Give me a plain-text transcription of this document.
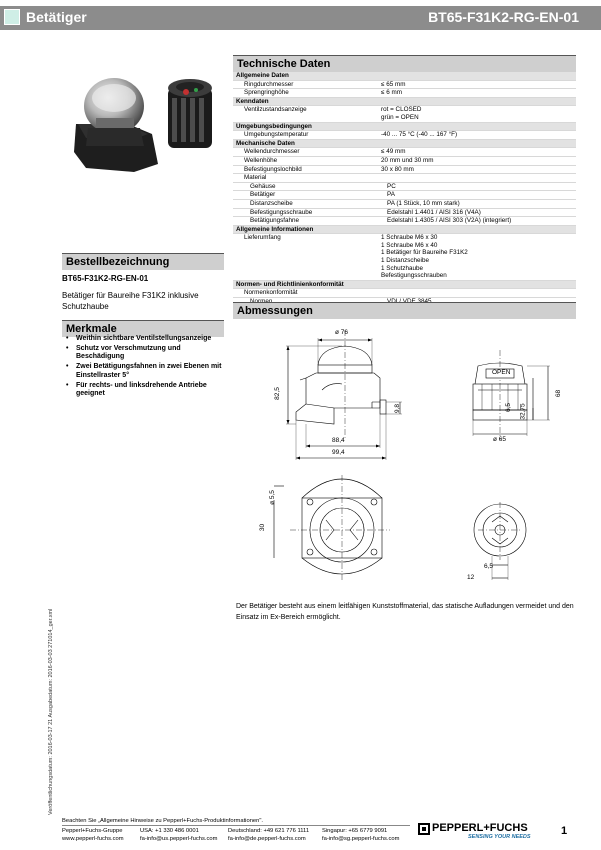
Betätiger	BT65-F31K2-RG-EN-01
Technische Daten
Allgemeine Daten
Ringdurchmesser	≤ 65 mm
Sprengringhöhe	≤ 6 mm
Kenndaten
Ventilzustandsanzeige	rot = CLOSED
grün = OPEN
Umgebungsbedingungen
Umgebungstemperatur	-40 ... 75 °C (-40 ... 167 °F)
Mechanische Daten
Wellendurchmesser	≤ 49 mm
Wellenhöhe	20 mm und 30 mm
Befestigungslochbild	30 x 80 mm
Material
Gehäuse	PC
Betätiger	PA
Distanzscheibe	PA (1 Stück, 10 mm stark)
Befestigungsschraube	Edelstahl 1.4401 / AISI 316 (V4A)
Betätigungsfahne	Edelstahl 1.4305 / AISI 303 (V2A) (integriert)
Allgemeine Informationen
Lieferumfang	1 Schraube M6 x 30
1 Schraube M6 x 40
1 Betätiger für Baureihe F31K2
1 Distanzscheibe
1 Schutzhaube
Befestigungsschrauben
Normen- und Richtlinienkonformität
Normenkonformität
Bestellbezeichnung
BT65-F31K2-RG-EN-01
Betätiger für Baureihe F31K2 inklusive Schutzhaube
Merkmale
• Weithin sichtbare Ventilstellungsanzeige
• Schutz vor Verschmutzung und Beschädigung
• Zwei Betätigungsfahnen in zwei Ebenen mit Einstellraster 5°
• Für rechts- und linksdrehende Antriebe geeignet
Abmessungen
ø 76
82,5
88,4
99,4
9,8
OPEN
6,5 32,75
68
ø 65
ø 5,5
30
6,5
12
Der Betätiger besteht aus einem leitfähigen Kunststoffmaterial, das statische Aufladungen vermeidet und den Einsatz im Ex-Bereich ermöglicht.
Veröffentlichungsdatum: 2016-03-17 21 Ausgabedatum: 2016-03-03 271014_ger.xml
Beachten Sie „Allgemeine Hinweise zu Pepperl+Fuchs-Produktinformationen".
Pepperl+Fuchs-Gruppe
www.pepperl-fuchs.com
USA: +1 330 486 0001
fa-info@us.pepperl-fuchs.com
Deutschland: +49 621 776 1111
fa-info@de.pepperl-fuchs.com
Singapur: +65 6779 9091
fa-info@sg.pepperl-fuchs.com
PEPPERL+FUCHS
SENSING YOUR NEEDS	1
